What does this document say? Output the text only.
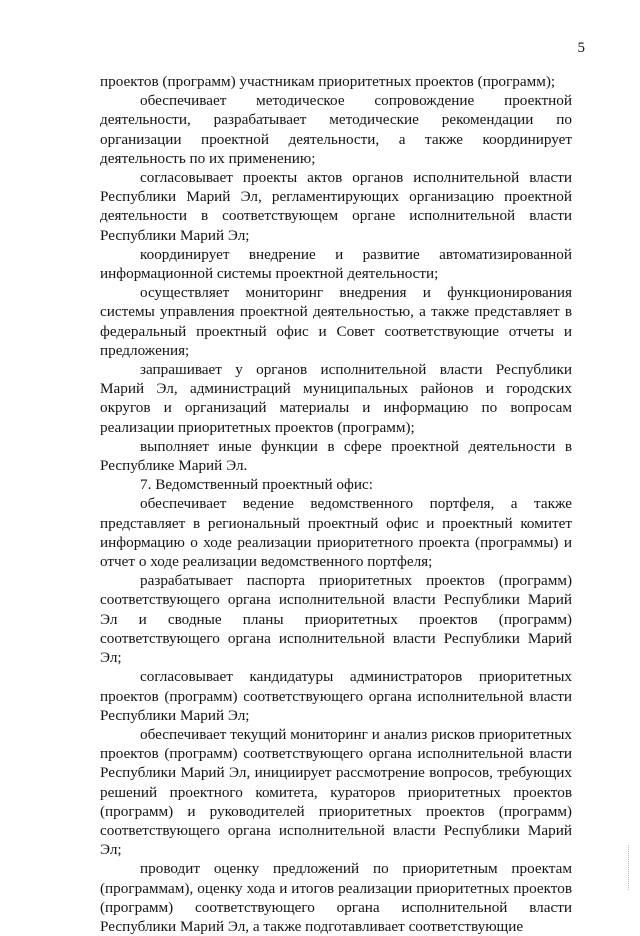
5

проектов (программ) участникам приоритетных проектов (программ);

обеспечивает методическое сопровождение проектной деятельности, разрабатывает методические рекомендации по организации проектной деятельности, а также координирует деятельность по их применению;

согласовывает проекты актов органов исполнительной власти Республики Марий Эл, регламентирующих организацию проектной деятельности в соответствующем органе исполнительной власти Республики Марий Эл;

координирует внедрение и развитие автоматизированной информационной системы проектной деятельности;

осуществляет мониторинг внедрения и функционирования системы управления проектной деятельностью, а также представляет в федеральный проектный офис и Совет соответствующие отчеты и предложения;

запрашивает у органов исполнительной власти Республики Марий Эл, администраций муниципальных районов и городских округов и организаций материалы и информацию по вопросам реализации приоритетных проектов (программ);

выполняет иные функции в сфере проектной деятельности в Республике Марий Эл.

7. Ведомственный проектный офис:

обеспечивает ведение ведомственного портфеля, а также представляет в региональный проектный офис и проектный комитет информацию о ходе реализации приоритетного проекта (программы) и отчет о ходе реализации ведомственного портфеля;

разрабатывает паспорта приоритетных проектов (программ) соответствующего органа исполнительной власти Республики Марий Эл и сводные планы приоритетных проектов (программ) соответствующего органа исполнительной власти Республики Марий Эл;

согласовывает кандидатуры администраторов приоритетных проектов (программ) соответствующего органа исполнительной власти Республики Марий Эл;

обеспечивает текущий мониторинг и анализ рисков приоритетных проектов (программ) соответствующего органа исполнительной власти Республики Марий Эл, инициирует рассмотрение вопросов, требующих решений проектного комитета, кураторов приоритетных проектов (программ) и руководителей приоритетных проектов (программ) соответствующего органа исполнительной власти Республики Марий Эл;

проводит оценку предложений по приоритетным проектам (программам), оценку хода и итогов реализации приоритетных проектов (программ) соответствующего органа исполнительной власти Республики Марий Эл, а также подготавливает соответствующие
